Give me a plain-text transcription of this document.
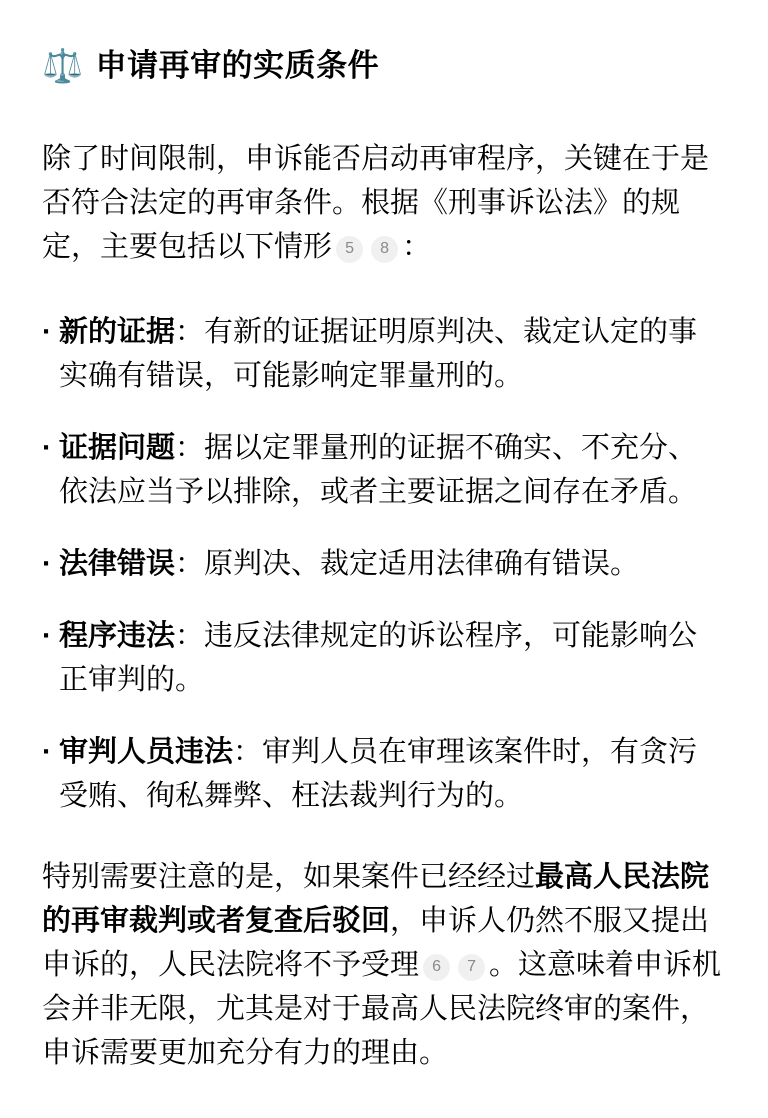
⚖️ 申请再审的实质条件

除了时间限制，申诉能否启动再审程序，关键在于是否符合法定的再审条件。根据《刑事诉讼法》的规定，主要包括以下情形 5 8 ：

· 新的证据：有新的证据证明原判决、裁定认定的事实确有错误，可能影响定罪量刑的。
· 证据问题：据以定罪量刑的证据不确实、不充分、依法应当予以排除，或者主要证据之间存在矛盾。
· 法律错误：原判决、裁定适用法律确有错误。
· 程序违法：违反法律规定的诉讼程序，可能影响公正审判的。
· 审判人员违法：审判人员在审理该案件时，有贪污受贿、徇私舞弊、枉法裁判行为的。

特别需要注意的是，如果案件已经经过最高人民法院的再审裁判或者复查后驳回，申诉人仍然不服又提出申诉的，人民法院将不予受理 6 7 。这意味着申诉机会并非无限，尤其是对于最高人民法院终审的案件，申诉需要更加充分有力的理由。
